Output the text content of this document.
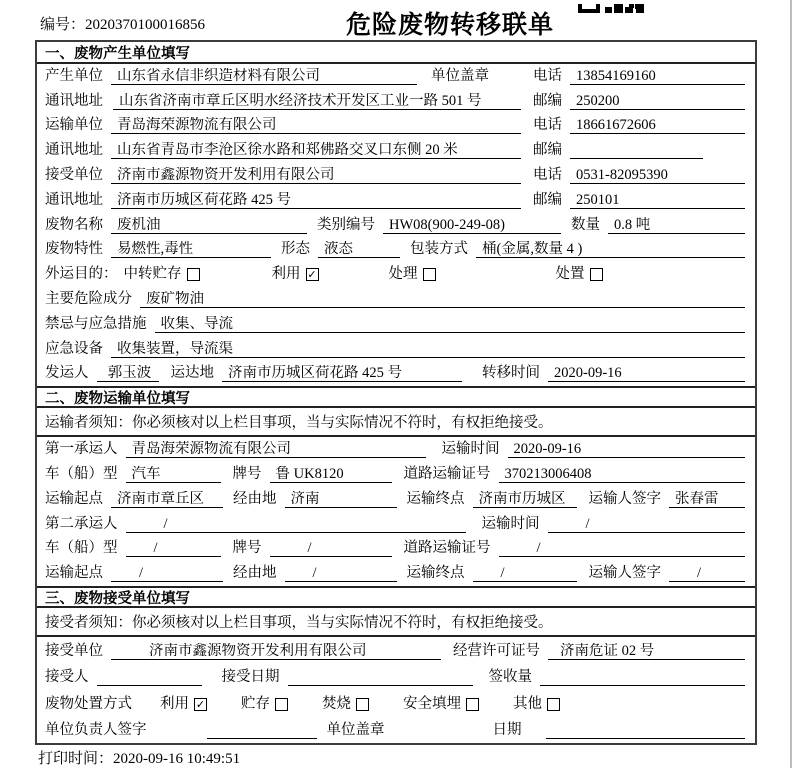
编号：2020370100016856	危险废物转移联单
一、废物产生单位填写
产生单位 山东省永信非织造材料有限公司	单位盖章	电话 13854169160
通讯地址	山东省济南市章丘区明水经济技术开发区工业一路 501 号	邮编 250200
运输单位 青岛海荣源物流有限公司	电话 18661672606
通讯地址 山东省青岛市李沧区徐水路和郑佛路交叉口东侧 20 米	邮编
接受单位 济南市鑫源物资开发利用有限公司	电话 0531-82095390
通讯地址 济南市历城区荷花路 425 号	邮编 250101
废物名称 废机油	类别编号 HW08(900-249-08)	数量 0.8 吨
废物特性 易燃性,毒性	形态 液态	包装方式 桶(金属,数量 4 )
外运目的： 中转贮存	利用 ✓	处理	处置
主要危险成分 废矿物油
禁忌与应急措施 收集、导流
应急设备 收集装置，导流渠
发运人	郭玉波	运达地 济南市历城区荷花路 425 号	转移时间 2020-09-16
二、废物运输单位填写
运输者须知：你必须核对以上栏目事项，当与实际情况不符时，有权拒绝接受。
第一承运人 青岛海荣源物流有限公司	运输时间 2020-09-16
车（船）型 汽车	牌号 鲁 UK8120	道路运输证号 370213006408
运输起点 济南市章丘区	经由地 济南	运输终点 济南市历城区	运输人签字 张春雷
第二承运人	/	运输时间	/
车（船）型	/	牌号	/	道路运输证号	/
运输起点	/	经由地	/	运输终点	/	运输人签字	/
三、废物接受单位填写
接受者须知：你必须核对以上栏目事项，当与实际情况不符时，有权拒绝接受。
接受单位	济南市鑫源物资开发利用有限公司	经营许可证号	济南危证 02 号
接受人	接受日期	签收量
废物处置方式 利用 ✓ 贮存	焚烧	安全填埋	其他
单位负责人签字	单位盖章	日期
打印时间：2020-09-16 10:49:51
